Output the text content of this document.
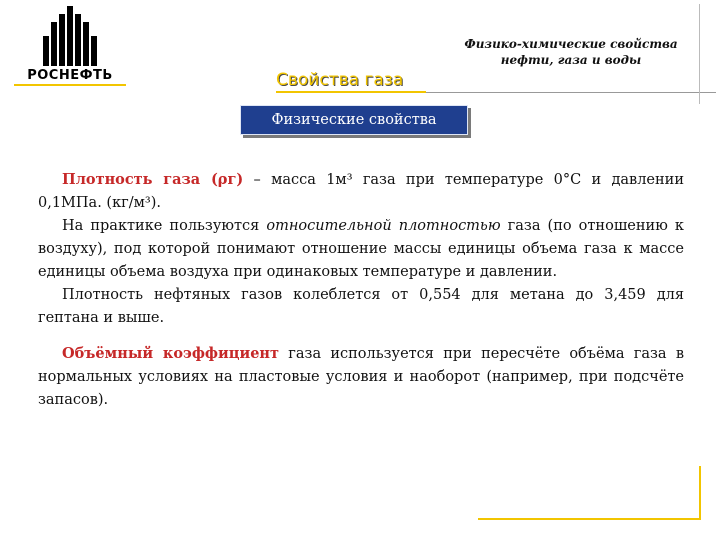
РОСНЕФТЬ	Свойства газа
Физико-химические свойства
нефти, газа и воды
Физические свойства

Плотность газа (ρг) – масса 1м³ газа при температуре 0°С и давлении 0,1МПа. (кг/м³).

На практике пользуются относительной плотностью газа (по отношению к воздуху), под которой понимают отношение массы единицы объема газа к массе единицы объема воздуха при одинаковых температуре и давлении.

Плотность нефтяных газов колеблется от 0,554 для метана до 3,459 для гептана и выше.

Объёмный коэффициент газа используется при пересчёте объёма газа в нормальных условиях на пластовые условия и наоборот (например, при подсчёте запасов).
